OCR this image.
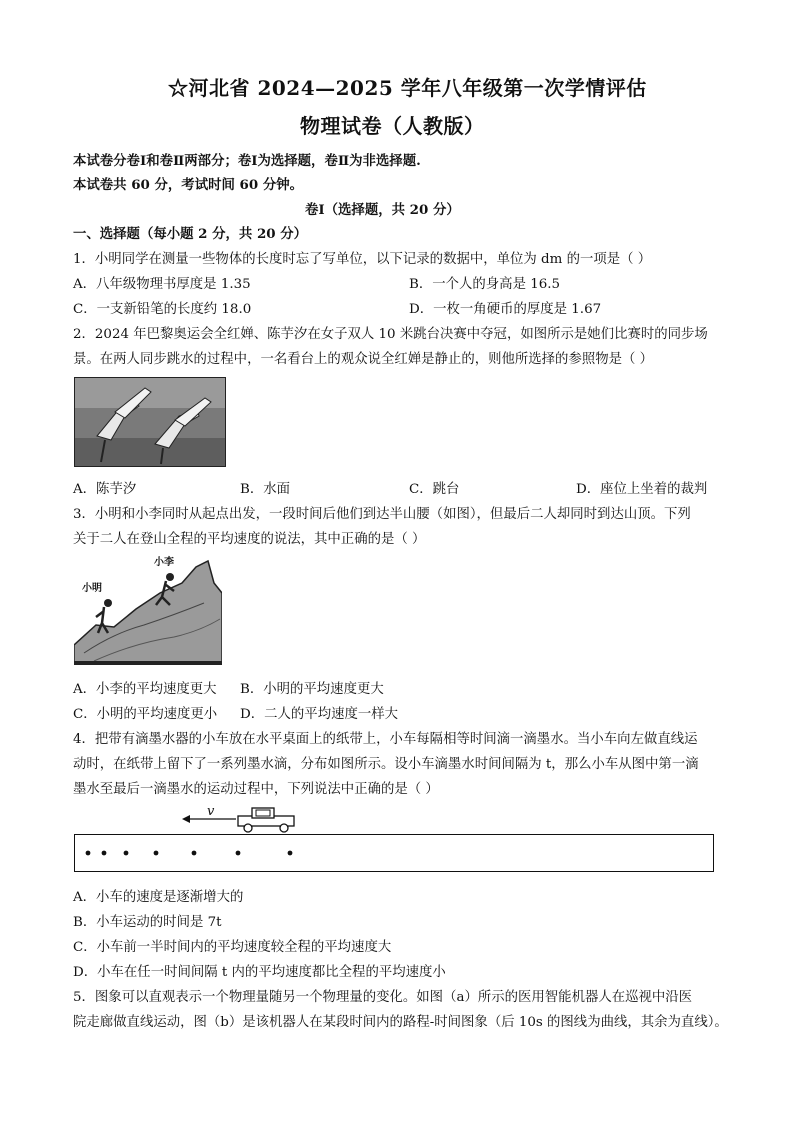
☆河北省 2024—2025 学年八年级第一次学情评估
物理试卷（人教版）
本试卷分卷Ⅰ和卷Ⅱ两部分；卷Ⅰ为选择题，卷Ⅱ为非选择题.
本试卷共 60 分，考试时间 60 分钟。
卷Ⅰ（选择题，共 20 分）
一、选择题（每小题 2 分，共 20 分）
1．小明同学在测量一些物体的长度时忘了写单位，以下记录的数据中，单位为 dm 的一项是（ ）
A．八年级物理书厚度是 1.35	B．一个人的身高是 16.5
C．一支新铅笔的长度约 18.0	D．一枚一角硬币的厚度是 1.67
2．2024 年巴黎奥运会全红婵、陈芋汐在女子双人 10 米跳台决赛中夺冠，如图所示是她们比赛时的同步场
景。在两人同步跳水的过程中，一名看台上的观众说全红婵是静止的，则他所选择的参照物是（ ）
A．陈芋汐	B．水面	C．跳台	D．座位上坐着的裁判
3．小明和小李同时从起点出发，一段时间后他们到达半山腰（如图），但最后二人却同时到达山顶。下列
关于二人在登山全程的平均速度的说法，其中正确的是（ ）
小李
小明
A．小李的平均速度更大 B．小明的平均速度更大
C．小明的平均速度更小 D．二人的平均速度一样大
4．把带有滴墨水器的小车放在水平桌面上的纸带上，小车每隔相等时间滴一滴墨水。当小车向左做直线运
动时，在纸带上留下了一系列墨水滴，分布如图所示。设小车滴墨水时间间隔为 t，那么小车从图中第一滴
墨水至最后一滴墨水的运动过程中，下列说法中正确的是（ ）
v
A．小车的速度是逐渐增大的
B．小车运动的时间是 7t
C．小车前一半时间内的平均速度较全程的平均速度大
D．小车在任一时间间隔 t 内的平均速度都比全程的平均速度小
5．图象可以直观表示一个物理量随另一个物理量的变化。如图（a）所示的医用智能机器人在巡视中沿医
院走廊做直线运动，图（b）是该机器人在某段时间内的路程-时间图象（后 10s 的图线为曲线，其余为直线）。
